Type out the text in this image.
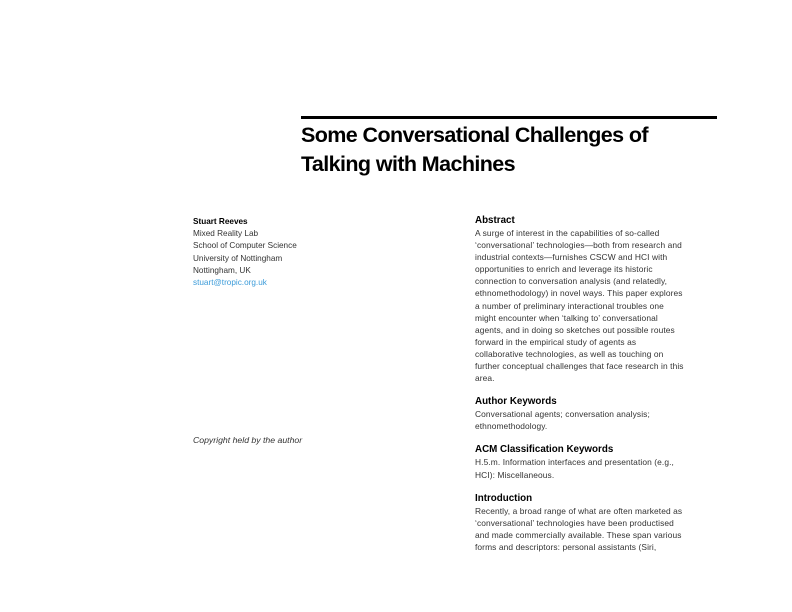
Some Conversational Challenges of
Talking with Machines
Stuart Reeves
Mixed Reality Lab
School of Computer Science
University of Nottingham
Nottingham, UK
stuart@tropic.org.uk
Copyright held by the author
Abstract
A surge of interest in the capabilities of so-called
‘conversational’ technologies—both from research and
industrial contexts—furnishes CSCW and HCI with
opportunities to enrich and leverage its historic
connection to conversation analysis (and relatedly,
ethnomethodology) in novel ways. This paper explores
a number of preliminary interactional troubles one
might encounter when ‘talking to’ conversational
agents, and in doing so sketches out possible routes
forward in the empirical study of agents as
collaborative technologies, as well as touching on
further conceptual challenges that face research in this
area.
Author Keywords
Conversational agents; conversation analysis;
ethnomethodology.
ACM Classification Keywords
H.5.m. Information interfaces and presentation (e.g.,
HCI): Miscellaneous.
Introduction
Recently, a broad range of what are often marketed as
‘conversational’ technologies have been productised
and made commercially available. These span various
forms and descriptors: personal assistants (Siri,
